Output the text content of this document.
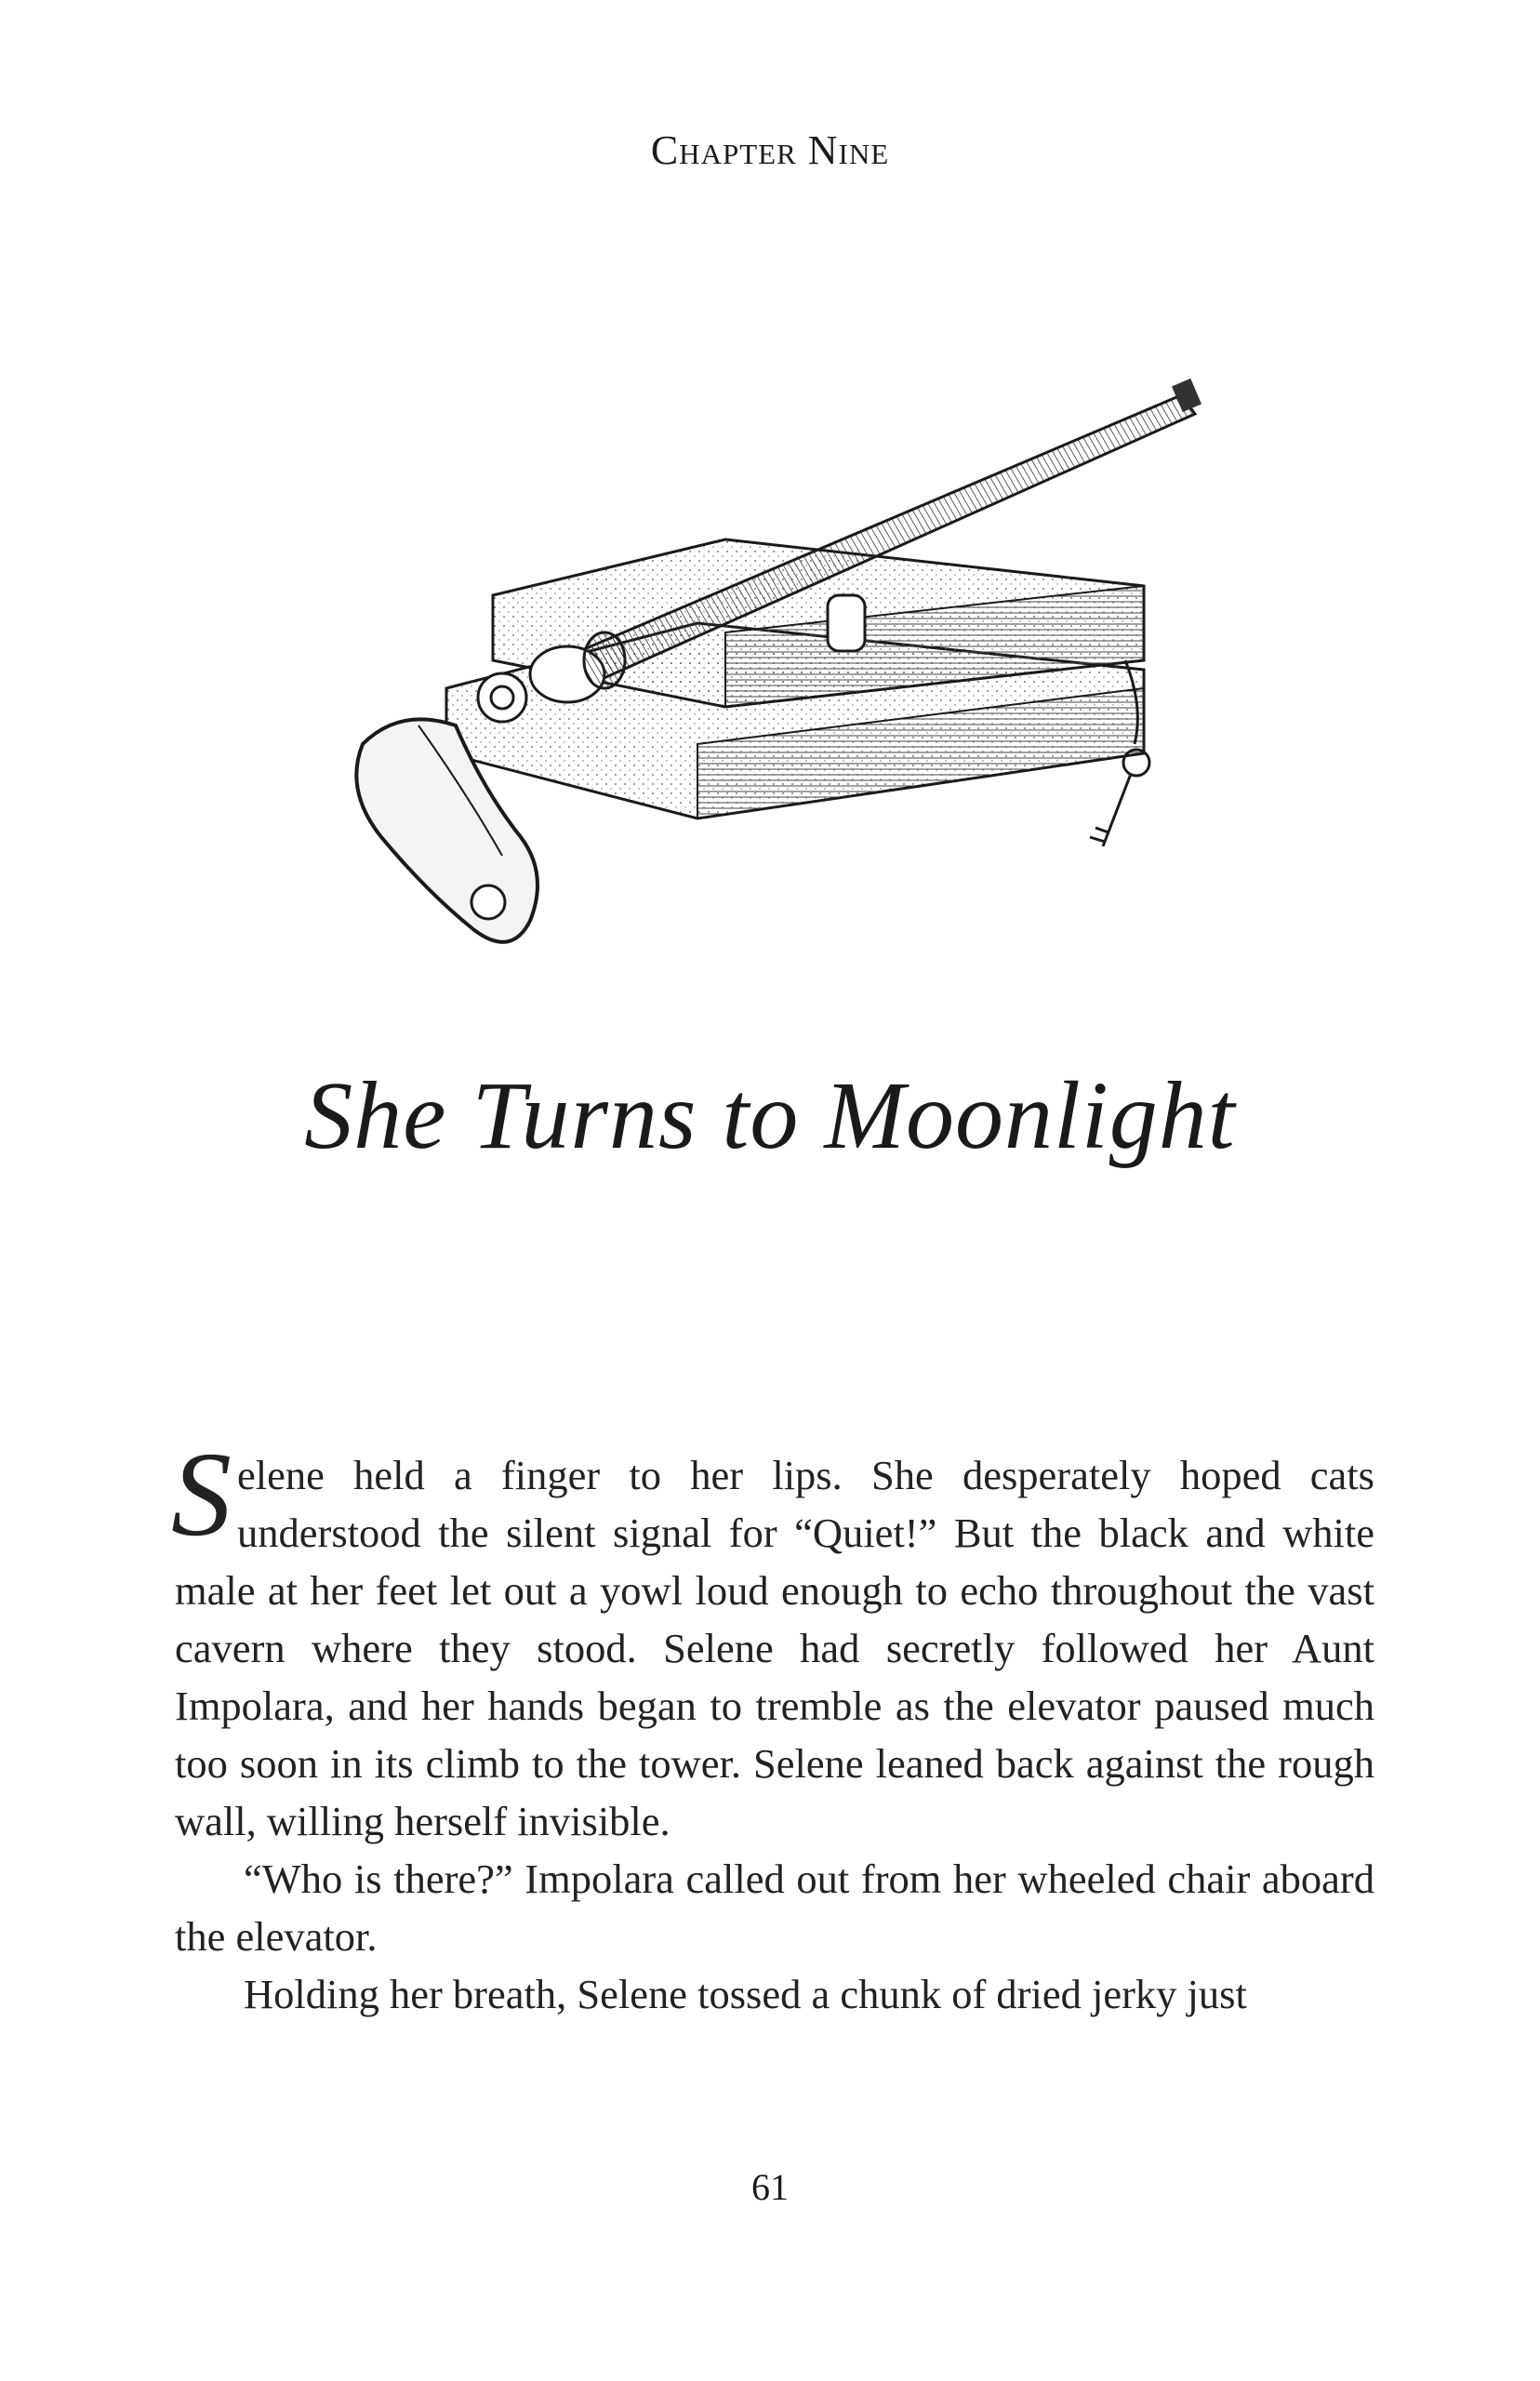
Chapter Nine
She Turns to Moonlight

Selene held a finger to her lips. She desperately hoped cats understood the silent signal for “Quiet!” But the black and white male at her feet let out a yowl loud enough to echo throughout the vast cavern where they stood. Selene had secretly followed her Aunt Impolara, and her hands began to tremble as the elevator paused much too soon in its climb to the tower. Selene leaned back against the rough wall, willing herself invisible.

“Who is there?” Impolara called out from her wheeled chair aboard the elevator.

Holding her breath, Selene tossed a chunk of dried jerky just

61
